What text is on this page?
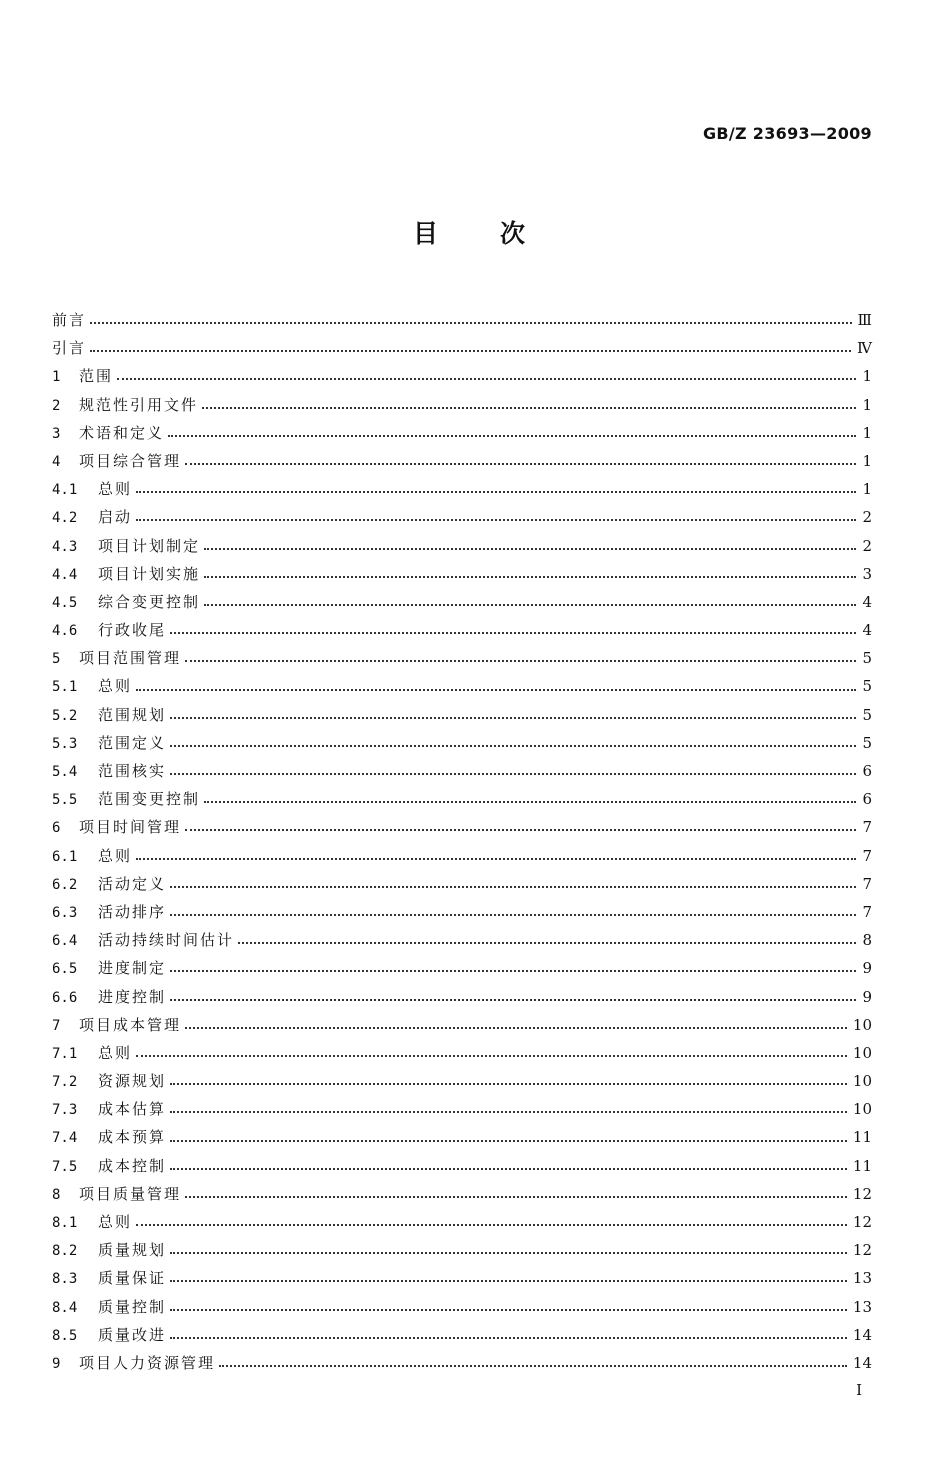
GB/Z 23693—2009
目次
前言	Ⅲ
引言	Ⅳ
1	范围	1
2	规范性引用文件	1
3	术语和定义	1
4	项目综合管理	1
4.1	总则	1
4.2	启动	2
4.3	项目计划制定	2
4.4	项目计划实施	3
4.5	综合变更控制	4
4.6	行政收尾	4
5	项目范围管理	5
5.1	总则	5
5.2	范围规划	5
5.3	范围定义	5
5.4	范围核实	6
5.5	范围变更控制	6
6	项目时间管理	7
6.1	总则	7
6.2	活动定义	7
6.3	活动排序	7
6.4	活动持续时间估计	8
6.5	进度制定	9
6.6	进度控制	9
7	项目成本管理	10
7.1	总则	10
7.2	资源规划	10
7.3	成本估算	10
7.4	成本预算	11
7.5	成本控制	11
8	项目质量管理	12
8.1	总则	12
8.2	质量规划	12
8.3	质量保证	13
8.4	质量控制	13
8.5	质量改进	14
9	项目人力资源管理	14
I
